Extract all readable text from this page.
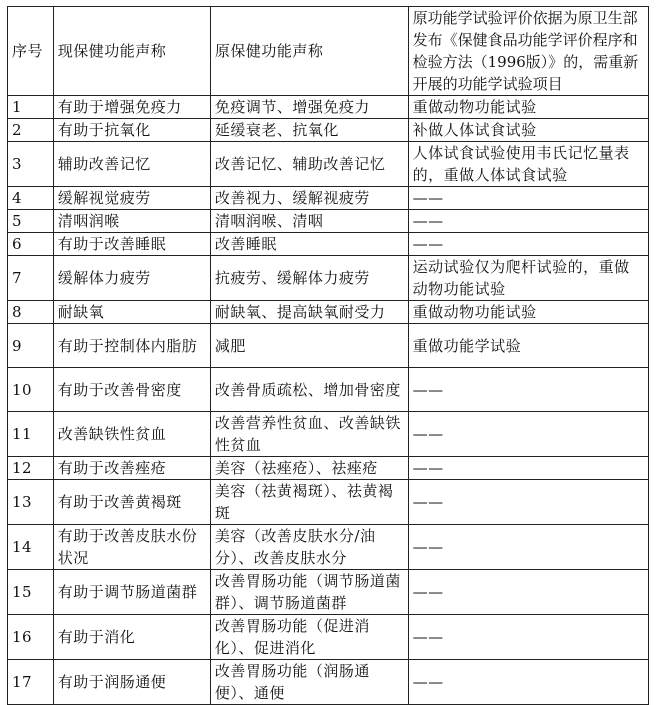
序号	现保健功能声称	原保健功能声称	原功能学试验评价依据为原卫生部发布《保健食品功能学评价程序和检验方法（1996版）》的，需重新开展的功能学试验项目
1	有助于增强免疫力	免疫调节、增强免疫力	重做动物功能试验
2	有助于抗氧化	延缓衰老、抗氧化	补做人体试食试验
3	辅助改善记忆	改善记忆、辅助改善记忆	人体试食试验使用韦氏记忆量表的，重做人体试食试验
4	缓解视觉疲劳	改善视力、缓解视疲劳	——
5	清咽润喉	清咽润喉、清咽	——
6	有助于改善睡眠	改善睡眠	——
7	缓解体力疲劳	抗疲劳、缓解体力疲劳	运动试验仅为爬杆试验的，重做动物功能试验
8	耐缺氧	耐缺氧、提高缺氧耐受力	重做动物功能试验
9	有助于控制体内脂肪	减肥	重做功能学试验
10	有助于改善骨密度	改善骨质疏松、增加骨密度	——
11	改善缺铁性贫血	改善营养性贫血、改善缺铁性贫血	——
12	有助于改善痤疮	美容（祛痤疮）、祛痤疮	——
13	有助于改善黄褐斑	美容（祛黄褐斑）、祛黄褐斑	——
14	有助于改善皮肤水份状况	美容（改善皮肤水分/油分）、改善皮肤水分	——
15	有助于调节肠道菌群	改善胃肠功能（调节肠道菌群）、调节肠道菌群	——
16	有助于消化	改善胃肠功能（促进消化）、促进消化	——
17	有助于润肠通便	改善胃肠功能（润肠通便）、通便	——
